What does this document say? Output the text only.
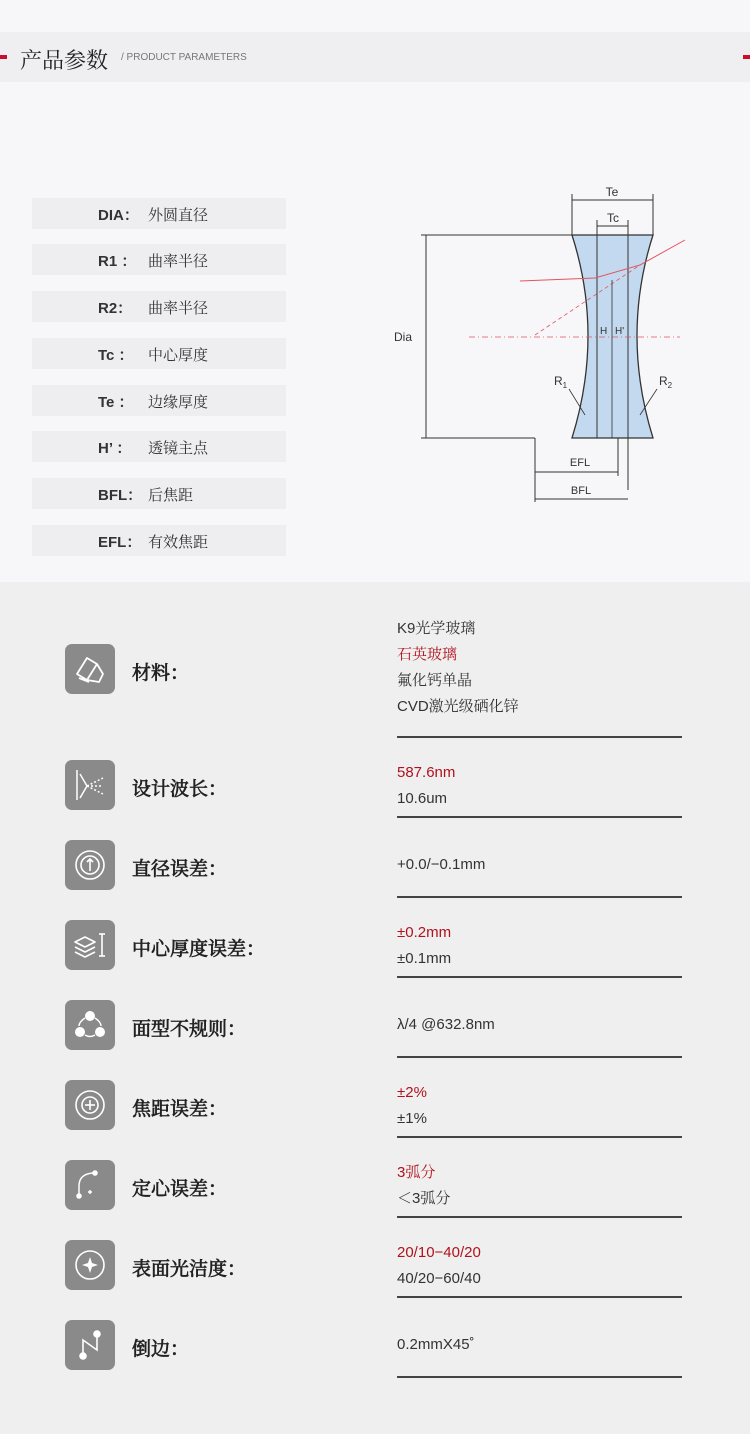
产品参数 / PRODUCT PARAMETERS
DIA： 外圆直径
R1 ： 曲率半径
R2： 曲率半径
Tc ： 中心厚度
Te ： 边缘厚度
H’ ： 透镜主点
BFL： 后焦距
EFL： 有效焦距
Te
Tc
Dia	H H'
$R_1$	$R_2$
EFL
BFL
材料：
K9光学玻璃
石英玻璃
氟化钙单晶
CVD激光级硒化锌
设计波长：
587.6nm
10.6um
直径误差：	+0.0/−0.1mm
中心厚度误差：
±0.2mm
±0.1mm
面型不规则：	λ/4 @632.8nm
焦距误差：
±2%
±1%
定心误差：
3弧分
＜3弧分
表面光洁度：
20/10−40/20
40/20−60/40
倒边：	0.2mmX45˚
